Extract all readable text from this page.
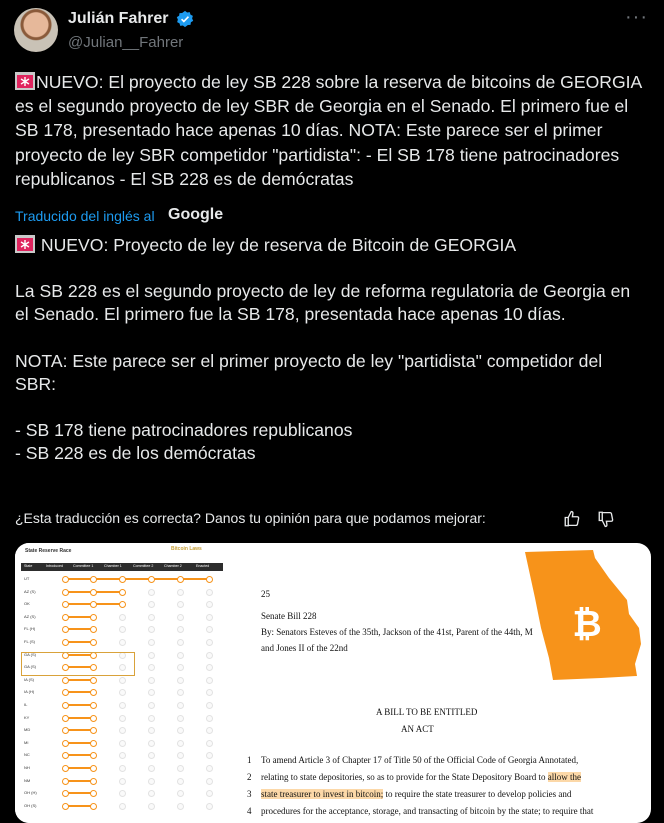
Julián Fahrer
@Julian__Fahrer
···
NUEVO: El proyecto de ley SB 228 sobre la reserva de bitcoins de GEORGIA es el segundo proyecto de ley SBR de Georgia en el Senado. El primero fue el SB 178, presentado hace apenas 10 días. NOTA: Este parece ser el primer proyecto de ley SBR competidor "partidista": - El SB 178 tiene patrocinadores republicanos - El SB 228 es de demócratas
Traducido del inglés al Google

NUEVO: Proyecto de ley de reserva de Bitcoin de GEORGIA

La SB 228 es el segundo proyecto de ley de reforma regulatoria de Georgia en el Senado. El primero fue la SB 178, presentada hace apenas 10 días.

NOTA: Este parece ser el primer proyecto de ley "partidista" competidor del SBR:

- SB 178 tiene patrocinadores republicanos

- SB 228 es de los demócratas

¿Esta traducción es correcta? Danos tu opinión para que podamos mejorar:
State Reserve Race	Bitcoin Laws
State	Introduced	Committee 1	Chamber 1	Committee 2	Chamber 2	Enacted
UT
AZ (S)
OK
AZ (S)
FL (H)
FL (S)
GA (S)
GA (S)
IA (S)
IA (H)
IL
KY
MD
MI
NC
NH
NM
OH (H)
OH (S)
₿
25
Senate Bill 228
By: Senators Esteves of the 35th, Jackson of the 41st, Parent of the 44th, M
and Jones II of the 22nd
A BILL TO BE ENTITLED
AN ACT
1 To amend Article 3 of Chapter 17 of Title 50 of the Official Code of Georgia Annotated,
2 relating to state depositories, so as to provide for the State Depository Board to allow the
3 state treasurer to invest in bitcoin; to require the state treasurer to develop policies and
4 procedures for the acceptance, storage, and transacting of bitcoin by the state; to require that
